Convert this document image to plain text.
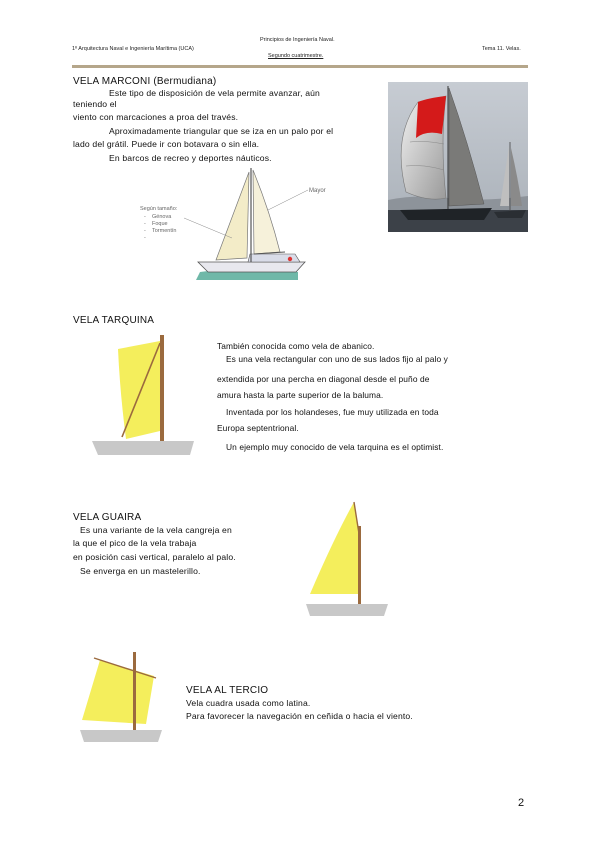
Principios de Ingeniería Naval.
1º Arquitectura Naval e Ingeniería Marítima (UCA)	Tema 11. Velas.
Segundo cuatrimestre.
VELA MARCONI (Bermudiana)
Este tipo de disposición de vela permite avanzar, aún
teniendo el
viento con marcaciones a proa del través.
Aproximadamente triangular que se iza en un palo por el
lado del grátil. Puede ir con botavara o sin ella.
En barcos de recreo y deportes náuticos.
Mayor
Según tamaño:
- Génova
- Foque
- Tormentín
-
VELA TARQUINA
También conocida como vela de abanico.
Es una vela rectangular con uno de sus lados fijo al palo y
extendida por una percha en diagonal desde el puño de
amura hasta la parte superior de la baluma.
Inventada por los holandeses, fue muy utilizada en toda
Europa septentrional.
Un ejemplo muy conocido de vela tarquina es el optimist.
VELA GUAIRA
Es una variante de la vela cangreja en
la que el pico de la vela trabaja
en posición casi vertical, paralelo al palo.
Se enverga en un mastelerillo.
VELA AL TERCIO
Vela cuadra usada como latina.
Para favorecer la navegación en ceñida o hacia el viento.
2
